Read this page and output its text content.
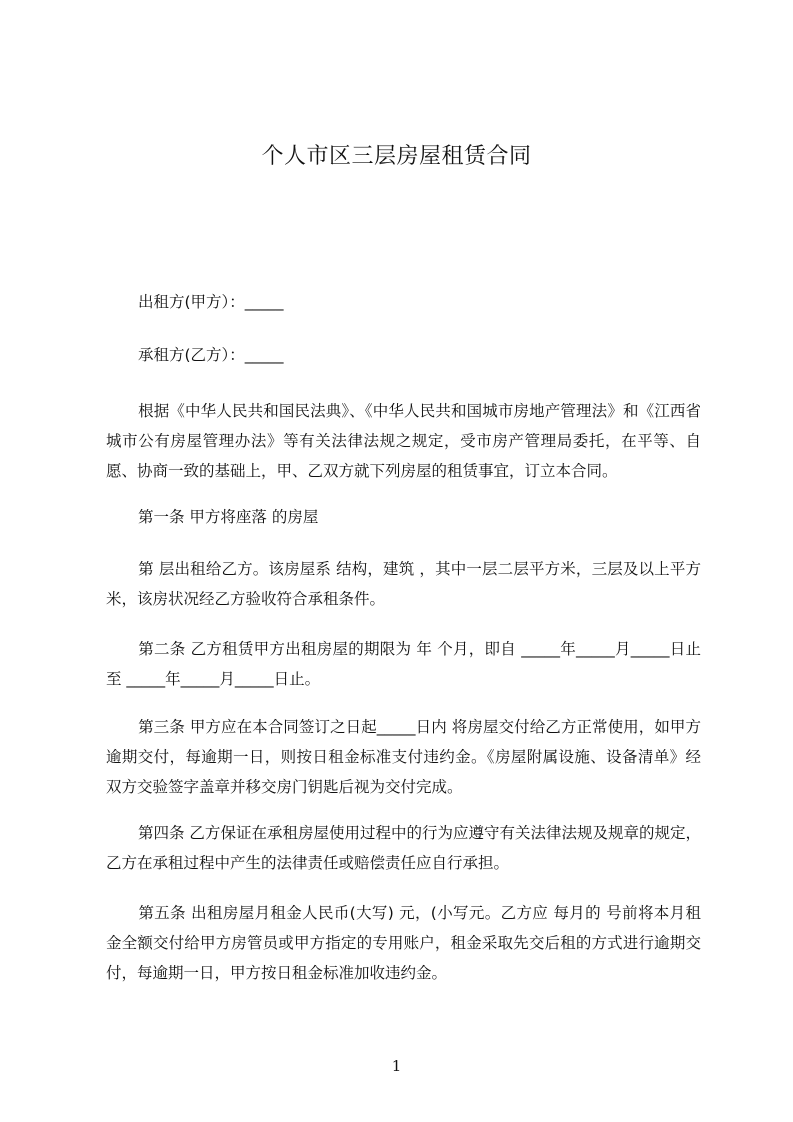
个人市区三层房屋租赁合同
出租方(甲方）：_____
承租方(乙方）：_____
根据《中华人民共和国民法典》、《中华人民共和国城市房地产管理法》和《江西省城市公有房屋管理办法》等有关法律法规之规定，受市房产管理局委托，在平等、自愿、协商一致的基础上，甲、乙双方就下列房屋的租赁事宜，订立本合同。
第一条 甲方将座落 的房屋
第 层出租给乙方。该房屋系 结构，建筑 ，其中一层二层平方米，三层及以上平方米，该房状况经乙方验收符合承租条件。
第二条 乙方租赁甲方出租房屋的期限为 年 个月，即自 _____年_____月_____日止至 _____年_____月_____日止。
第三条 甲方应在本合同签订之日起_____日内 将房屋交付给乙方正常使用，如甲方逾期交付，每逾期一日，则按日租金标准支付违约金。《房屋附属设施、设备清单》经双方交验签字盖章并移交房门钥匙后视为交付完成。
第四条 乙方保证在承租房屋使用过程中的行为应遵守有关法律法规及规章的规定，乙方在承租过程中产生的法律责任或赔偿责任应自行承担。
第五条 出租房屋月租金人民币(大写) 元，(小写元。乙方应 每月的 号前将本月租金全额交付给甲方房管员或甲方指定的专用账户，租金采取先交后租的方式进行逾期交付，每逾期一日，甲方按日租金标准加收违约金。
1
